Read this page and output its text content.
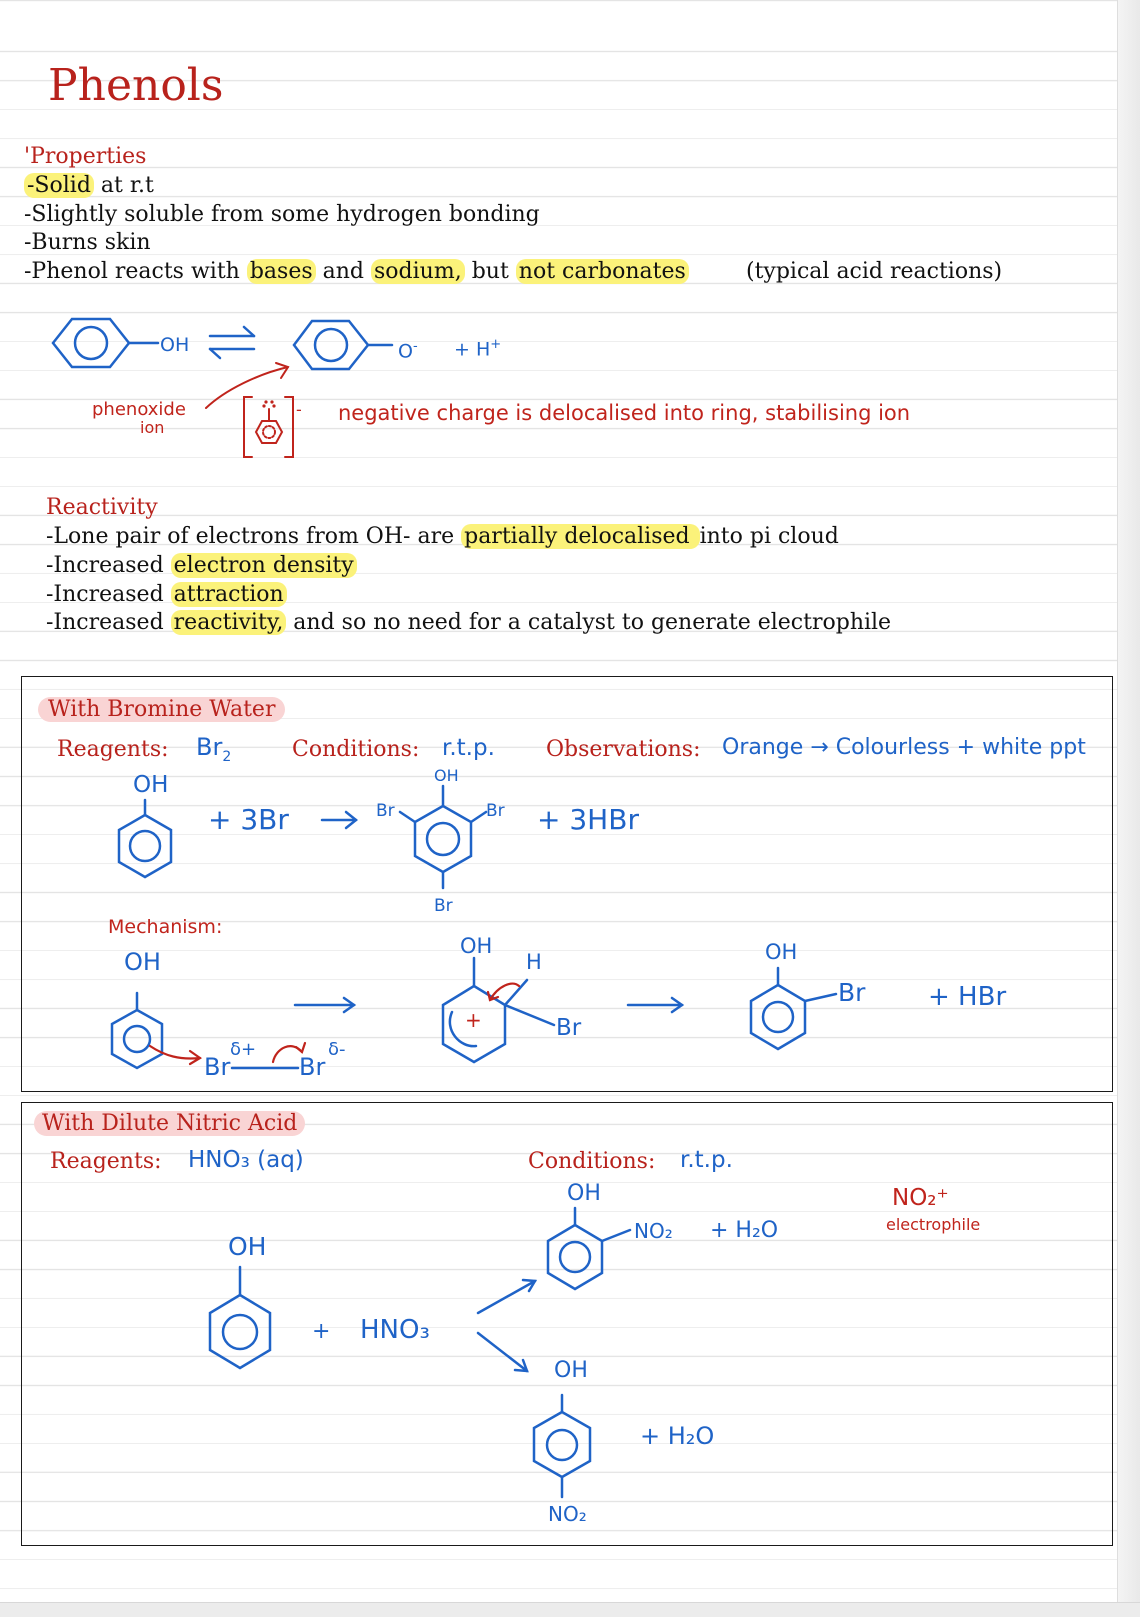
Phenols
'Properties
-Solid at r.t
-Slightly soluble from some hydrogen bonding
-Burns skin
-Phenol reacts with bases and sodium, but not carbonates	(typical acid reactions)
OH	O- + H+
phenoxide
ion
- negative charge is delocalised into ring, stabilising ion
Reactivity
-Lone pair of electrons from OH- are partially delocalised into pi cloud
-Increased electron density
-Increased attraction
-Increased reactivity, and so no need for a catalyst to generate electrophile
With Bromine Water
Reagents: $Br_2$	Conditions: r.t.p. Observations: Orange → Colourless + white ppt
OH
+ 3Br
OH
Br	Br
Br
+ 3HBr
Mechanism:
OH
Br	Br
δ+	δ-
OH
H
+	Br
OH
Br + HBr
With Dilute Nitric Acid
Reagents: HNO₃ (aq)	Conditions: r.t.p.
OH
+ HNO₃
OH
NO₂ + H₂O
OH
NO₂
+ H₂O
NO₂⁺
electrophile
